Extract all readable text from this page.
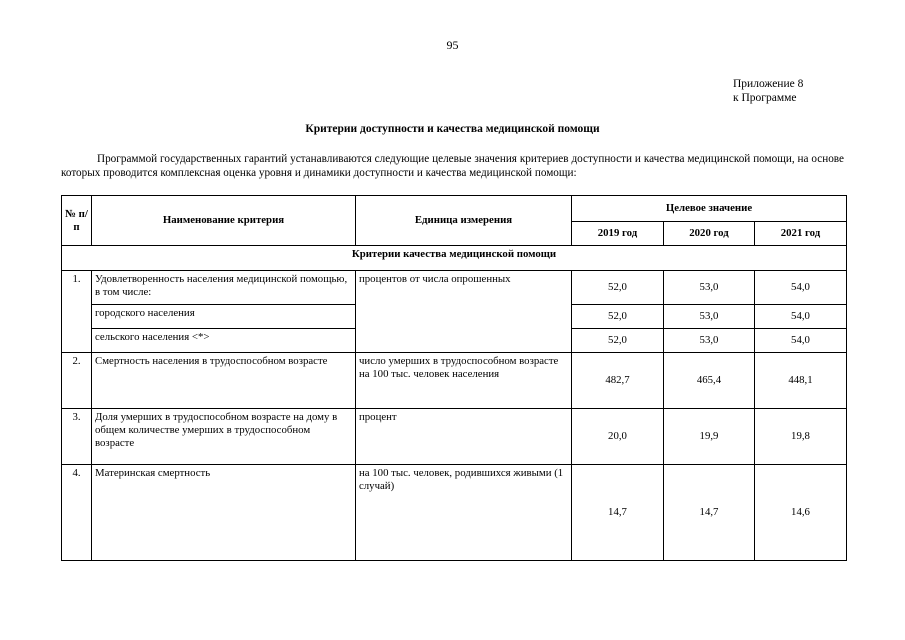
95
Приложение 8
к Программе
Критерии доступности и качества медицинской помощи
Программой государственных гарантий устанавливаются следующие целевые значения критериев доступности и качества медицинской помощи, на основе которых проводится комплексная оценка уровня и динамики доступности и качества медицинской помощи:
№ п/п	Наименование критерия	Единица измерения	Целевое значение		
			2019 год	2020 год	2021 год
Критерии качества медицинской помощи					
1.	Удовлетворенность населения медицинской помощью, в том числе:	процентов от числа опрошенных	52,0	53,0	54,0
	городского населения		52,0	53,0	54,0
	сельского населения <*>		52,0	53,0	54,0
2.	Смертность населения в трудоспособном возрасте	число умерших в трудоспособном возрасте на 100 тыс. человек населения	482,7	465,4	448,1
3.	Доля умерших в трудоспособном возрасте на дому в общем количестве умерших в трудоспособном возрасте	процент	20,0	19,9	19,8
4.	Материнская смертность	на 100 тыс. человек, родившихся живыми (1 случай)	14,7	14,7	14,6
